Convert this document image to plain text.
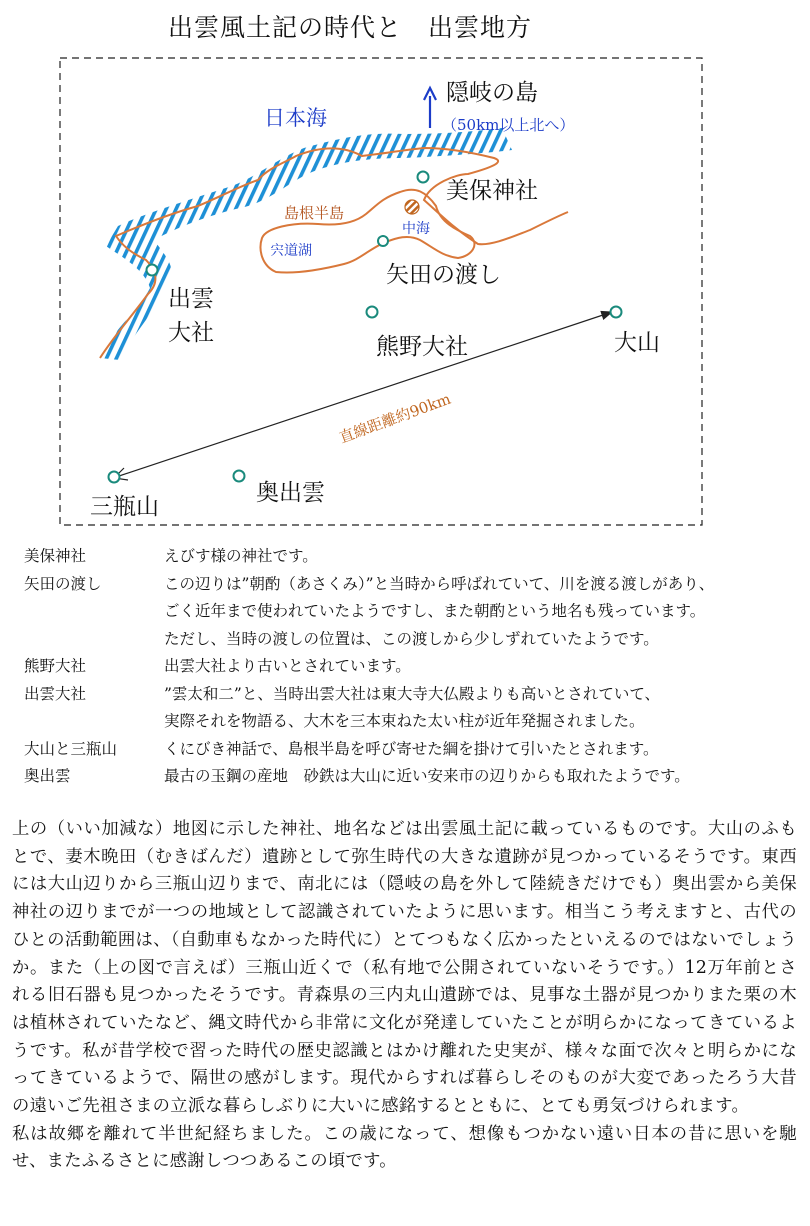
出雲風土記の時代と　出雲地方
日本海
隠岐の島
（50km以上北へ）
島根半島
宍道湖
中海
美保神社
矢田の渡し
出雲
大社
熊野大社	大山
三瓶山
奥出雲
直線距離約90km
美保神社	えびす様の神社です。
矢田の渡し	この辺りは”朝酌（あさくみ）”と当時から呼ばれていて、川を渡る渡しがあり、
ごく近年まで使われていたようですし、また朝酌という地名も残っています。
ただし、当時の渡しの位置は、この渡しから少しずれていたようです。
熊野大社	出雲大社より古いとされています。
出雲大社	”雲太和二”と、当時出雲大社は東大寺大仏殿よりも高いとされていて、
実際それを物語る、大木を三本束ねた太い柱が近年発掘されました。
大山と三瓶山	くにびき神話で、島根半島を呼び寄せた綱を掛けて引いたとされます。
奥出雲	最古の玉鋼の産地　砂鉄は大山に近い安来市の辺りからも取れたようです。

上の（いい加減な）地図に示した神社、地名などは出雲風土記に載っているものです。大山のふもとで、妻木晩田（むきばんだ）遺跡として弥生時代の大きな遺跡が見つかっているそうです。東西には大山辺りから三瓶山辺りまで、南北には（隠岐の島を外して陸続きだけでも）奥出雲から美保神社の辺りまでが一つの地域として認識されていたように思います。相当こう考えますと、古代のひとの活動範囲は、（自動車もなかった時代に）とてつもなく広かったといえるのではないでしょうか。また（上の図で言えば）三瓶山近くで（私有地で公開されていないそうです。）12万年前とされる旧石器も見つかったそうです。青森県の三内丸山遺跡では、見事な土器が見つかりまた栗の木は植林されていたなど、縄文時代から非常に文化が発達していたことが明らかになってきているようです。私が昔学校で習った時代の歴史認識とはかけ離れた史実が、様々な面で次々と明らかになってきているようで、隔世の感がします。現代からすれば暮らしそのものが大変であったろう大昔の遠いご先祖さまの立派な暮らしぶりに大いに感銘するとともに、とても勇気づけられます。

私は故郷を離れて半世紀経ちました。この歳になって、想像もつかない遠い日本の昔に思いを馳せ、またふるさとに感謝しつつあるこの頃です。
